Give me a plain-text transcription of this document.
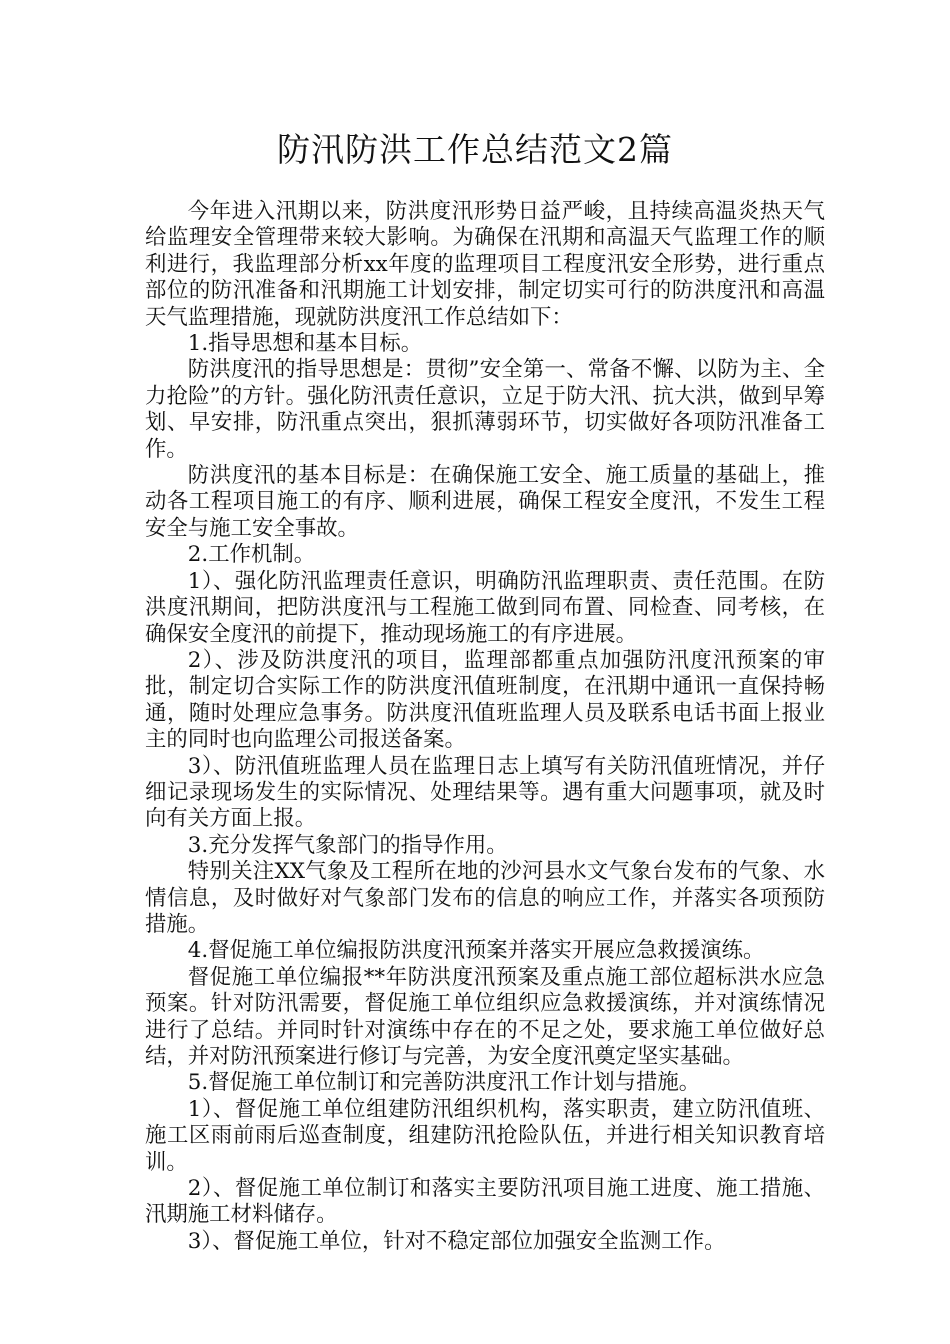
防汛防洪工作总结范文2篇

今年进入汛期以来，防洪度汛形势日益严峻，且持续高温炎热天气给监理安全管理带来较大影响。为确保在汛期和高温天气监理工作的顺利进行，我监理部分析xx年度的监理项目工程度汛安全形势，进行重点部位的防汛准备和汛期施工计划安排，制定切实可行的防洪度汛和高温天气监理措施，现就防洪度汛工作总结如下：

1.指导思想和基本目标。

防洪度汛的指导思想是：贯彻”安全第一、常备不懈、以防为主、全力抢险”的方针。强化防汛责任意识，立足于防大汛、抗大洪，做到早筹划、早安排，防汛重点突出，狠抓薄弱环节，切实做好各项防汛准备工作。

防洪度汛的基本目标是：在确保施工安全、施工质量的基础上，推动各工程项目施工的有序、顺利进展，确保工程安全度汛，不发生工程安全与施工安全事故。

2.工作机制。

1）、强化防汛监理责任意识，明确防汛监理职责、责任范围。在防洪度汛期间，把防洪度汛与工程施工做到同布置、同检查、同考核，在确保安全度汛的前提下，推动现场施工的有序进展。

2）、涉及防洪度汛的项目，监理部都重点加强防汛度汛预案的审批，制定切合实际工作的防洪度汛值班制度，在汛期中通讯一直保持畅通，随时处理应急事务。防洪度汛值班监理人员及联系电话书面上报业主的同时也向监理公司报送备案。

3）、防汛值班监理人员在监理日志上填写有关防汛值班情况，并仔细记录现场发生的实际情况、处理结果等。遇有重大问题事项，就及时向有关方面上报。

3.充分发挥气象部门的指导作用。

特别关注XX气象及工程所在地的沙河县水文气象台发布的气象、水情信息，及时做好对气象部门发布的信息的响应工作，并落实各项预防措施。

4.督促施工单位编报防洪度汛预案并落实开展应急救援演练。

督促施工单位编报**年防洪度汛预案及重点施工部位超标洪水应急预案。针对防汛需要，督促施工单位组织应急救援演练，并对演练情况进行了总结。并同时针对演练中存在的不足之处，要求施工单位做好总结，并对防汛预案进行修订与完善，为安全度汛奠定坚实基础。

5.督促施工单位制订和完善防洪度汛工作计划与措施。

1）、督促施工单位组建防汛组织机构，落实职责，建立防汛值班、施工区雨前雨后巡查制度，组建防汛抢险队伍，并进行相关知识教育培训。

2）、督促施工单位制订和落实主要防汛项目施工进度、施工措施、汛期施工材料储存。

3）、督促施工单位，针对不稳定部位加强安全监测工作。
